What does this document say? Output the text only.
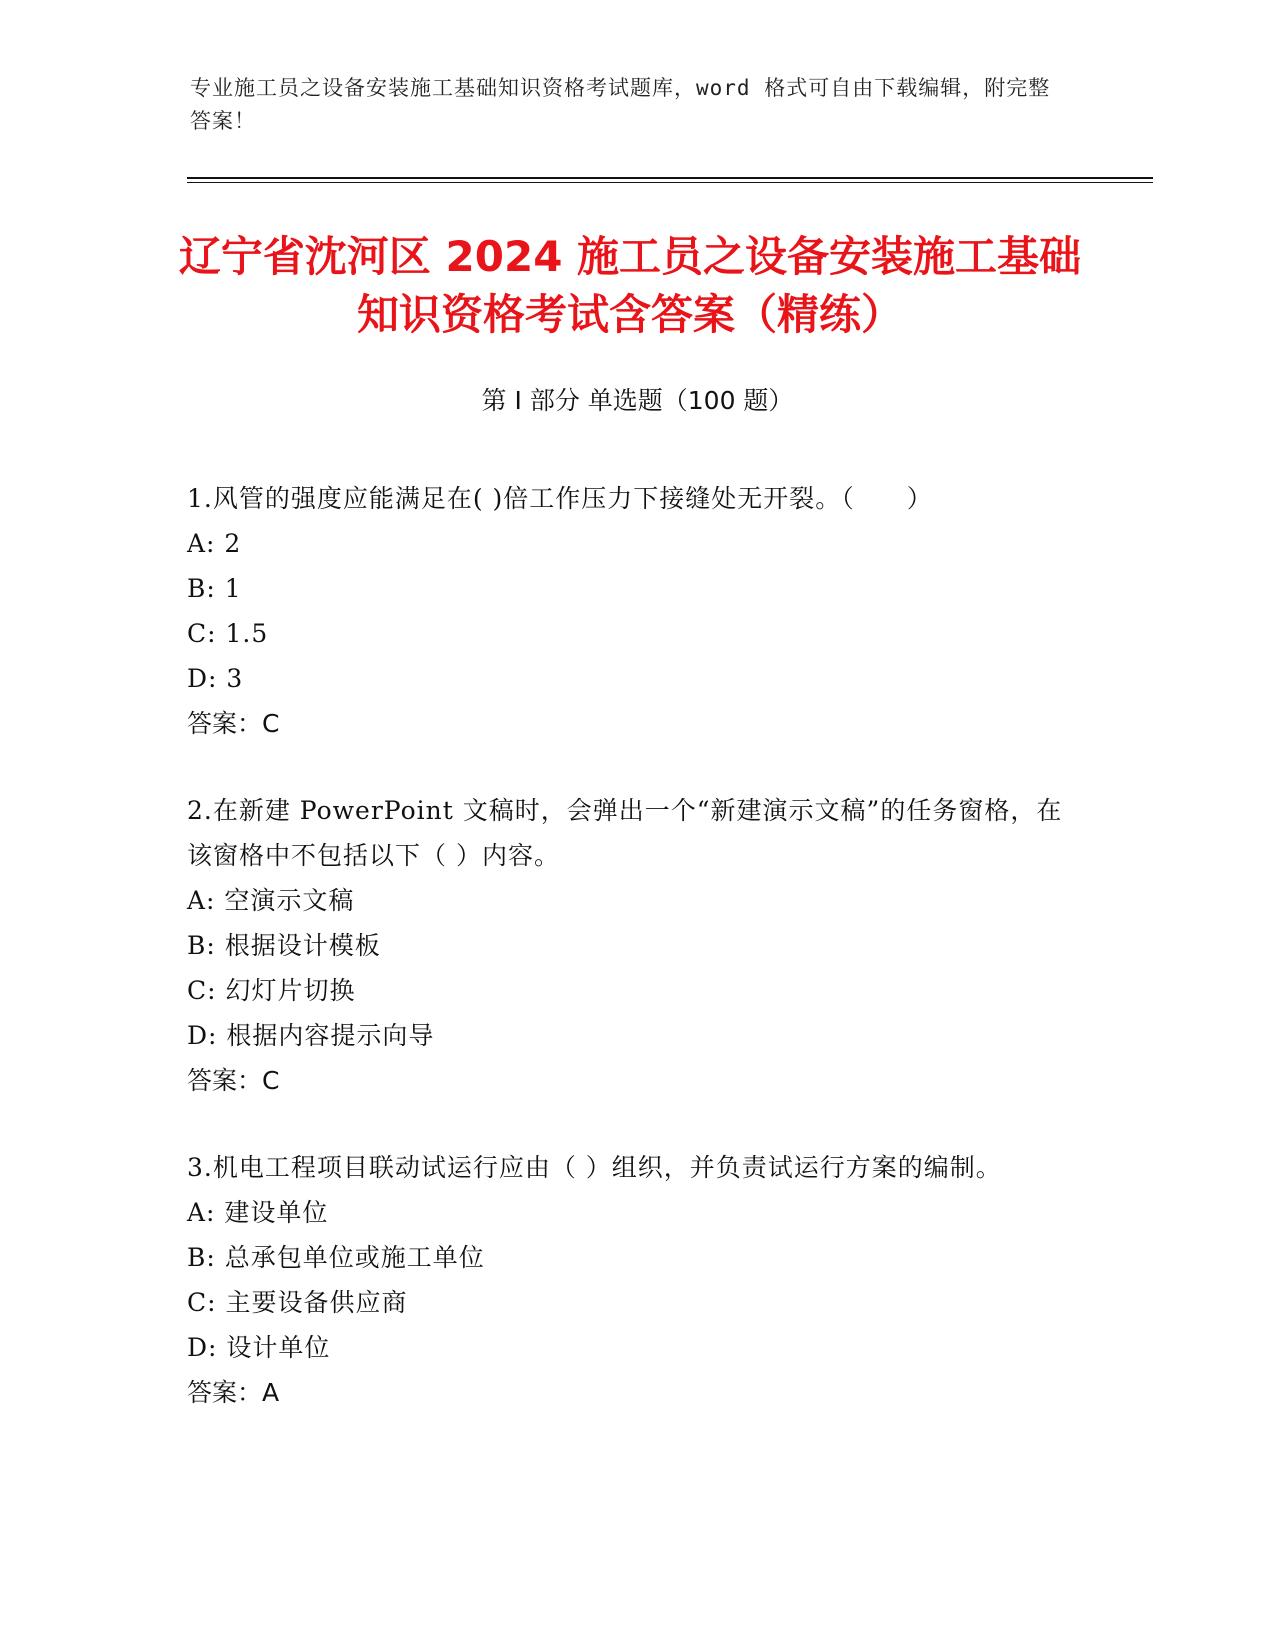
专业施工员之设备安装施工基础知识资格考试题库，word 格式可自由下载编辑，附完整答案！
辽宁省沈河区 2024 施工员之设备安装施工基础知识资格考试含答案（精练）
第 I 部分 单选题（100 题）
1.风管的强度应能满足在( )倍工作压力下接缝处无开裂。（　　）
A: 2
B: 1
C: 1.5
D: 3
答案：C
2.在新建 PowerPoint 文稿时，会弹出一个“新建演示文稿”的任务窗格，在该窗格中不包括以下（ ）内容。
A: 空演示文稿
B: 根据设计模板
C: 幻灯片切换
D: 根据内容提示向导
答案：C
3.机电工程项目联动试运行应由（ ）组织，并负责试运行方案的编制。
A: 建设单位
B: 总承包单位或施工单位
C: 主要设备供应商
D: 设计单位
答案：A
